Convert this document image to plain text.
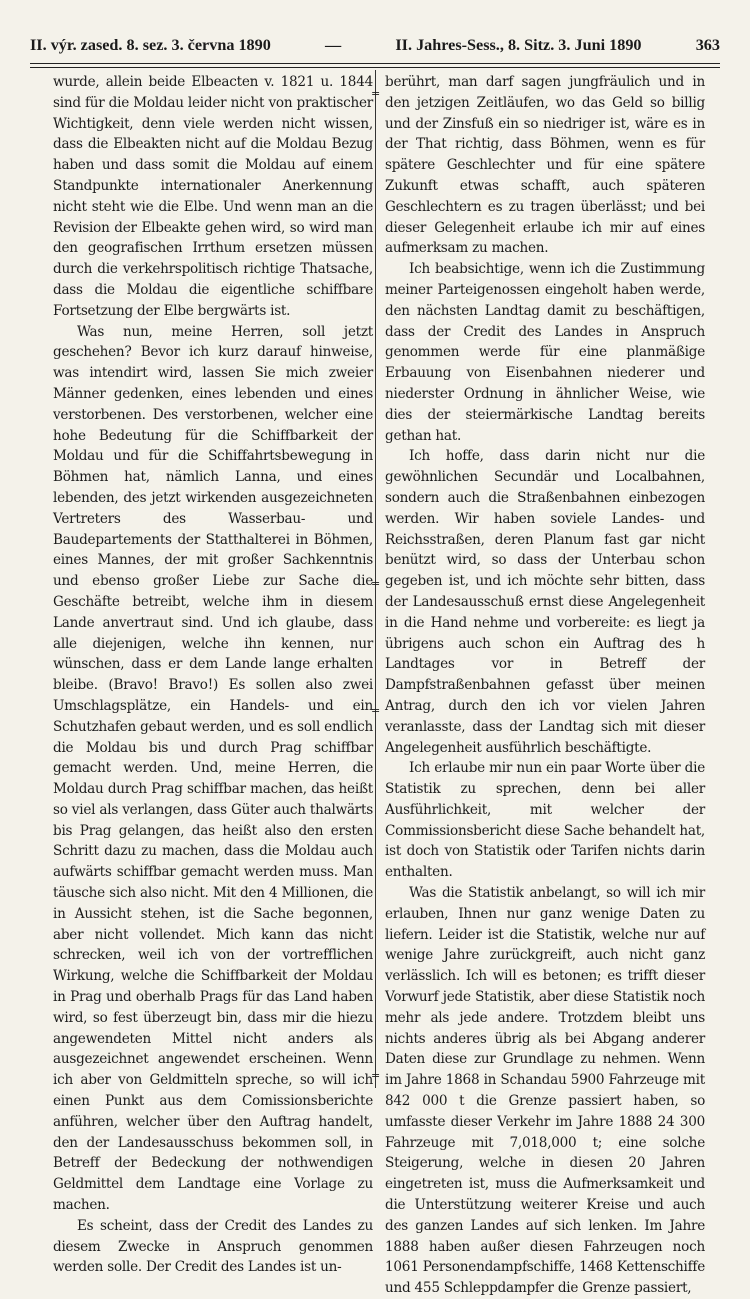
II. výr. zased. 8. sez. 3. června 1890	—	II. Jahres-Sess., 8. Sitz. 3. Juni 1890	363

wurde, allein beide Elbeacten v. 1821 u. 1844 sind für die Moldau leider nicht von praktischer Wichtigkeit, denn viele werden nicht wissen, dass die Elbeakten nicht auf die Moldau Bezug haben und dass somit die Moldau auf einem Standpunkte internationaler Anerkennung nicht steht wie die Elbe. Und wenn man an die Revision der Elbeakte gehen wird, so wird man den geografischen Irrthum ersetzen müssen durch die verkehrspolitisch richtige Thatsache, dass die Moldau die eigentliche schiffbare Fortsetzung der Elbe bergwärts ist.

Was nun, meine Herren, soll jetzt geschehen? Bevor ich kurz darauf hinweise, was intendirt wird, lassen Sie mich zweier Männer gedenken, eines lebenden und eines verstorbenen. Des verstorbenen, welcher eine hohe Bedeutung für die Schiffbarkeit der Moldau und für die Schiffahrtsbewegung in Böhmen hat, nämlich Lanna, und eines lebenden, des jetzt wirkenden ausgezeichneten Vertreters des Wasserbau- und Baudepartements der Statthalterei in Böhmen, eines Mannes, der mit großer Sachkenntnis und ebenso großer Liebe zur Sache die Geschäfte betreibt, welche ihm in diesem Lande anvertraut sind. Und ich glaube, dass alle diejenigen, welche ihn kennen, nur wünschen, dass er dem Lande lange erhalten bleibe. (Bravo! Bravo!) Es sollen also zwei Umschlagsplätze, ein Handels- und ein Schutzhafen gebaut werden, und es soll endlich die Moldau bis und durch Prag schiffbar gemacht werden. Und, meine Herren, die Moldau durch Prag schiffbar machen, das heißt so viel als verlangen, dass Güter auch thalwärts bis Prag gelangen, das heißt also den ersten Schritt dazu zu machen, dass die Moldau auch aufwärts schiffbar gemacht werden muss. Man täusche sich also nicht. Mit den 4 Millionen, die in Aussicht stehen, ist die Sache begonnen, aber nicht vollendet. Mich kann das nicht schrecken, weil ich von der vortrefflichen Wirkung, welche die Schiffbarkeit der Moldau in Prag und oberhalb Prags für das Land haben wird, so fest überzeugt bin, dass mir die hiezu angewendeten Mittel nicht anders als ausgezeichnet angewendet erscheinen. Wenn ich aber von Geldmitteln spreche, so will ich einen Punkt aus dem Comissionsberichte anführen, welcher über den Auftrag handelt, den der Landesausschuss bekommen soll, in Betreff der Bedeckung der nothwendigen Geldmittel dem Landtage eine Vorlage zu machen.

Es scheint, dass der Credit des Landes zu diesem Zwecke in Anspruch genommen werden solle. Der Credit des Landes ist un-

berührt, man darf sagen jungfräulich und in den jetzigen Zeitläufen, wo das Geld so billig und der Zinsfuß ein so niedriger ist, wäre es in der That richtig, dass Böhmen, wenn es für spätere Geschlechter und für eine spätere Zukunft etwas schafft, auch späteren Geschlechtern es zu tragen überlässt; und bei dieser Gelegenheit erlaube ich mir auf eines aufmerksam zu machen.

Ich beabsichtige, wenn ich die Zustimmung meiner Parteigenossen eingeholt haben werde, den nächsten Landtag damit zu beschäftigen, dass der Credit des Landes in Anspruch genommen werde für eine planmäßige Erbauung von Eisenbahnen niederer und niederster Ordnung in ähnlicher Weise, wie dies der steiermärkische Landtag bereits gethan hat.

Ich hoffe, dass darin nicht nur die gewöhnlichen Secundär und Localbahnen, sondern auch die Straßenbahnen einbezogen werden. Wir haben soviele Landes- und Reichsstraßen, deren Planum fast gar nicht benützt wird, so dass der Unterbau schon gegeben ist, und ich möchte sehr bitten, dass der Landesausschuß ernst diese Angelegenheit in die Hand nehme und vorbereite: es liegt ja übrigens auch schon ein Auftrag des h Landtages vor in Betreff der Dampfstraßenbahnen gefasst über meinen Antrag, durch den ich vor vielen Jahren veranlasste, dass der Landtag sich mit dieser Angelegenheit ausführlich beschäftigte.

Ich erlaube mir nun ein paar Worte über die Statistik zu sprechen, denn bei aller Ausführlichkeit, mit welcher der Commissionsbericht diese Sache behandelt hat, ist doch von Statistik oder Tarifen nichts darin enthalten.

Was die Statistik anbelangt, so will ich mir erlauben, Ihnen nur ganz wenige Daten zu liefern. Leider ist die Statistik, welche nur auf wenige Jahre zurückgreift, auch nicht ganz verlässlich. Ich will es betonen; es trifft dieser Vorwurf jede Statistik, aber diese Statistik noch mehr als jede andere. Trotzdem bleibt uns nichts anderes übrig als bei Abgang anderer Daten diese zur Grundlage zu nehmen. Wenn im Jahre 1868 in Schandau 5900 Fahrzeuge mit 842 000 t die Grenze passiert haben, so umfasste dieser Verkehr im Jahre 1888 24 300 Fahrzeuge mit 7,018,000 t; eine solche Steigerung, welche in diesen 20 Jahren eingetreten ist, muss die Aufmerksamkeit und die Unterstützung weiterer Kreise und auch des ganzen Landes auf sich lenken. Im Jahre 1888 haben außer diesen Fahrzeugen noch 1061 Personendampfschiffe, 1468 Kettenschiffe und 455 Schleppdampfer die Grenze passiert,

=
=
=
=
